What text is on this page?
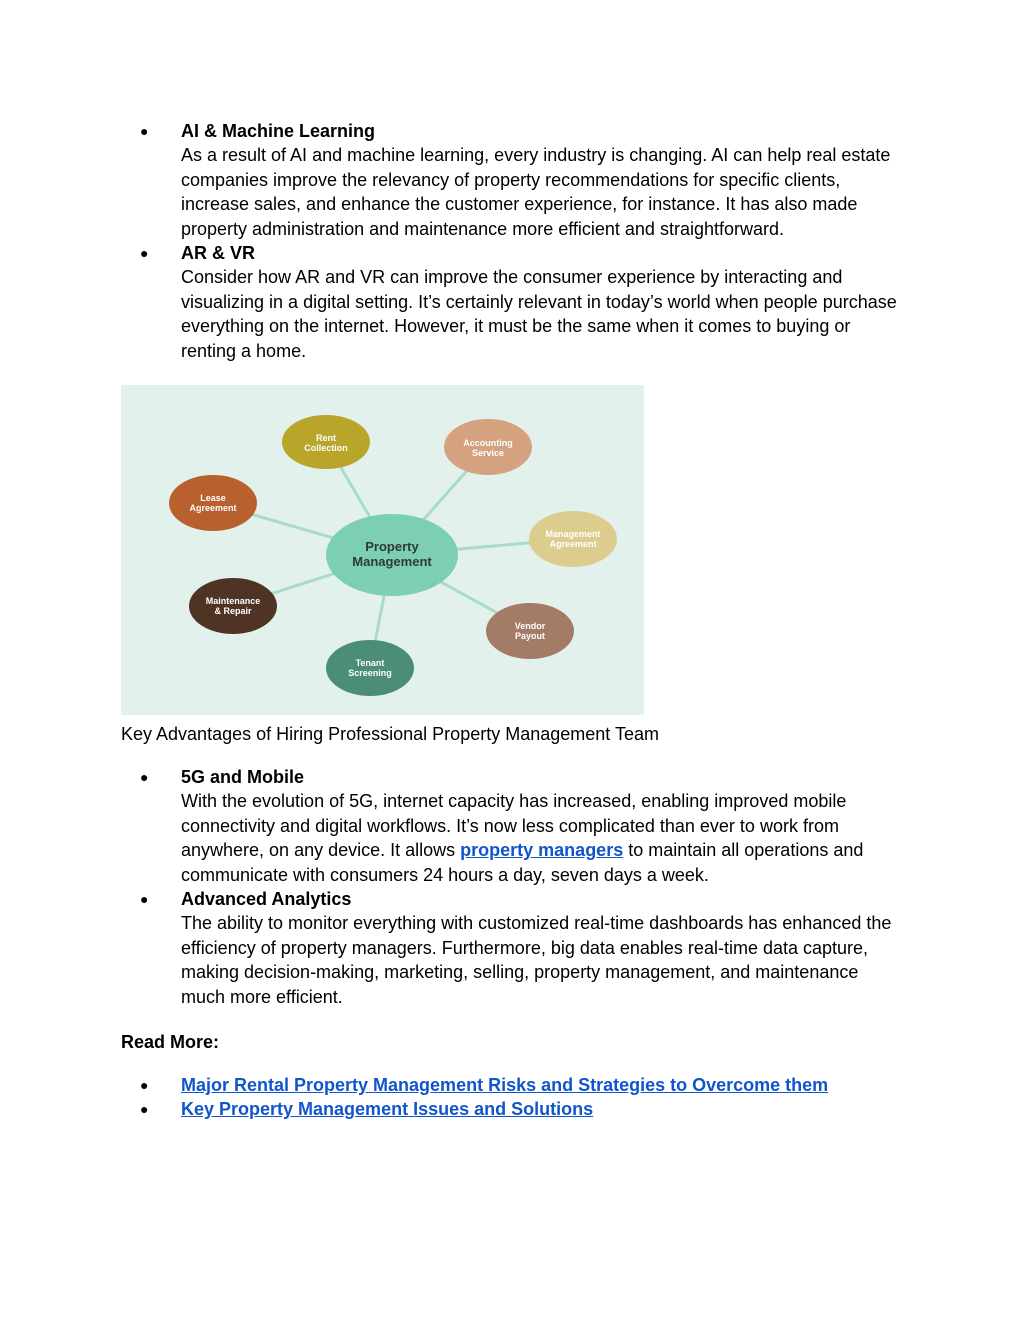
●	AI & Machine Learning
As a result of AI and machine learning, every industry is changing. AI can help real estate companies improve the relevancy of property recommendations for specific clients, increase sales, and enhance the customer experience, for instance. It has also made property administration and maintenance more efficient and straightforward.
●	AR & VR
Consider how AR and VR can improve the consumer experience by interacting and visualizing in a digital setting. It’s certainly relevant in today’s world when people purchase everything on the internet. However, it must be the same when it comes to buying or renting a home.
Property
Management
Rent
Collection	Accounting
Service
Lease
Agreement
Management
Agreement
Maintenance
& Repair
Vendor
Payout
Tenant
Screening
Key Advantages of Hiring Professional Property Management Team
●	5G and Mobile
With the evolution of 5G, internet capacity has increased, enabling improved mobile connectivity and digital workflows. It’s now less complicated than ever to work from anywhere, on any device. It allows property managers to maintain all operations and communicate with consumers 24 hours a day, seven days a week.
●	Advanced Analytics
The ability to monitor everything with customized real-time dashboards has enhanced the efficiency of property managers. Furthermore, big data enables real-time data capture, making decision-making, marketing, selling, property management, and maintenance much more efficient.
Read More:
●	Major Rental Property Management Risks and Strategies to Overcome them
●	Key Property Management Issues and Solutions
